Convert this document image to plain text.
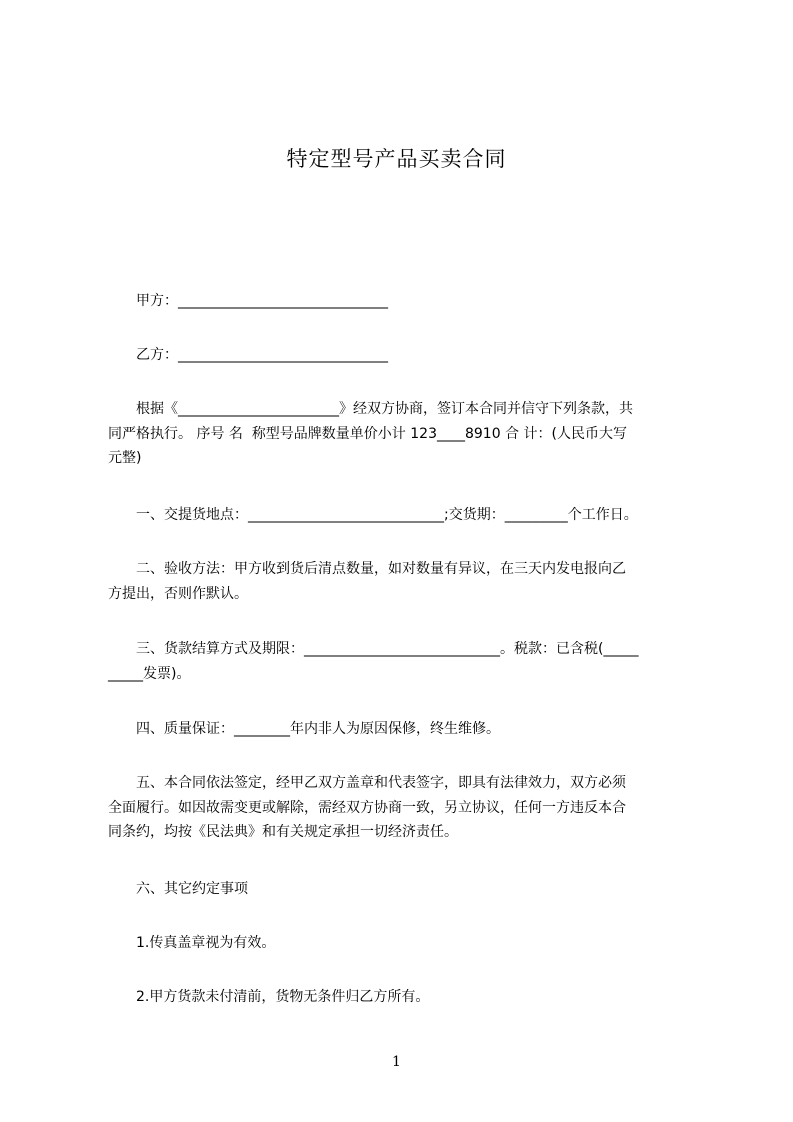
特定型号产品买卖合同

　　甲方：______________________________

　　乙方：______________________________

　　根据《_______________________》经双方协商，签订本合同并信守下列条款，共
同严格执行。 序号 名  称型号品牌数量单价小计 123____8910 合 计：(人民币大写
元整)

　　一、交提货地点：____________________________;交货期：_________个工作日。

　　二、验收方法：甲方收到货后清点数量，如对数量有异议，在三天内发电报向乙
方提出，否则作默认。

　　三、货款结算方式及期限：____________________________。税款：已含税(_____
_____发票)。

　　四、质量保证：________年内非人为原因保修，终生维修。

　　五、本合同依法签定，经甲乙双方盖章和代表签字，即具有法律效力，双方必须
全面履行。如因故需变更或解除，需经双方协商一致，另立协议，任何一方违反本合
同条约，均按《民法典》和有关规定承担一切经济责任。

　　六、其它约定事项

　　1.传真盖章视为有效。

　　2.甲方货款未付清前，货物无条件归乙方所有。

1
